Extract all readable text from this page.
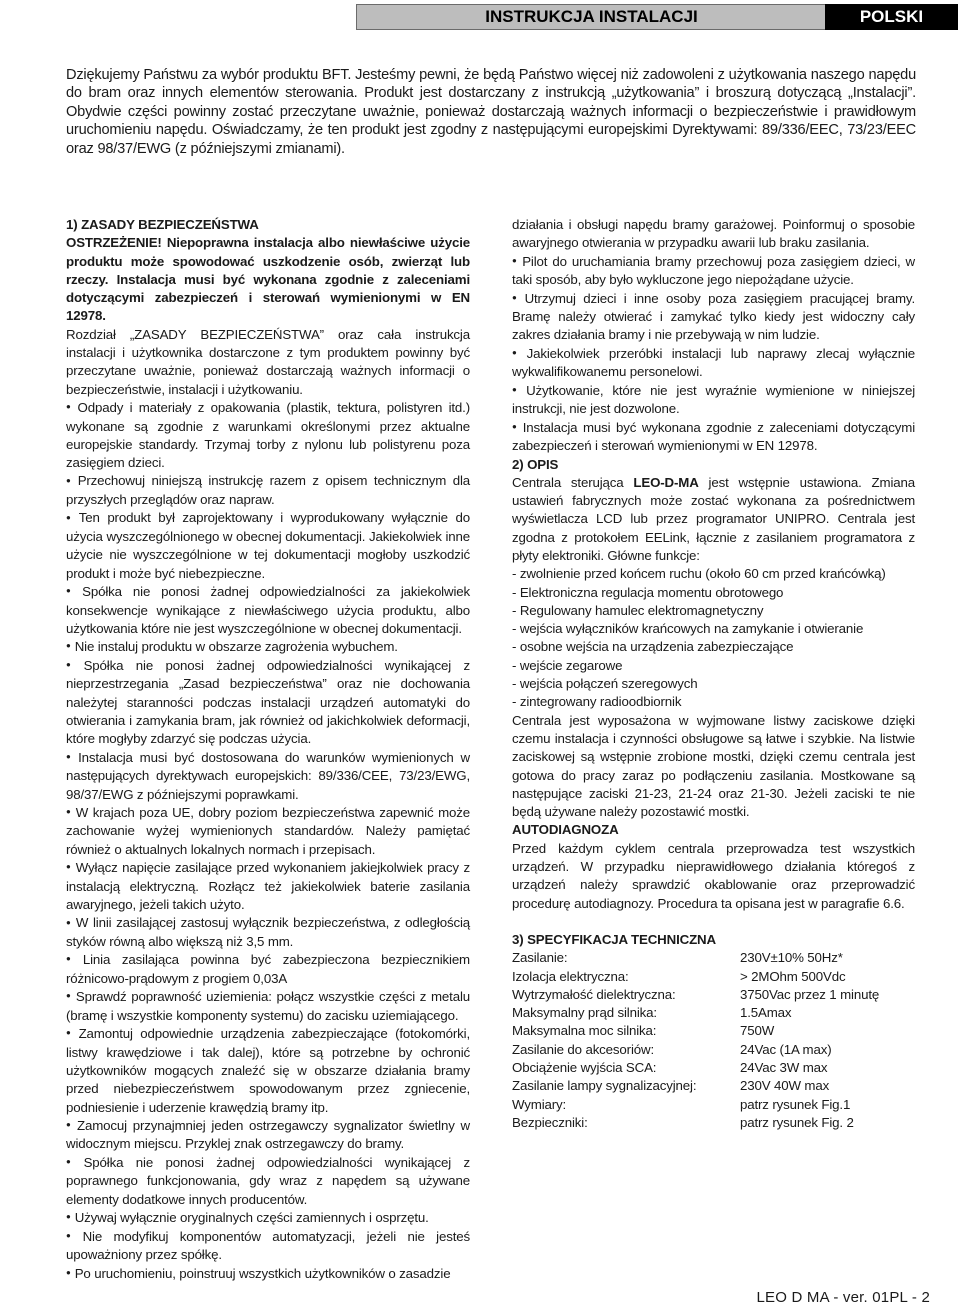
INSTRUKCJA INSTALACJI	POLSKI
Dziękujemy Państwu za wybór produktu BFT. Jesteśmy pewni, że będą Państwo więcej niż zadowoleni z użytkowania naszego napędu do bram oraz innych elementów sterowania. Produkt jest dostarczany z instrukcją „użytkowania” i broszurą dotyczącą „Instalacji”. Obydwie części powinny zostać przeczytane uważnie, ponieważ dostarczają ważnych informacji o bezpieczeństwie i prawidłowym uruchomieniu napędu. Oświadczamy, że ten produkt jest zgodny z następującymi europejskimi Dyrektywami: 89/336/EEC, 73/23/EEC oraz 98/37/EWG (z późniejszymi zmianami).

1) ZASADY BEZPIECZEŃSTWA

OSTRZEŻENIE! Niepoprawna instalacja albo niewłaściwe użycie produktu może spowodować uszkodzenie osób, zwierząt lub rzeczy. Instalacja musi być wykonana zgodnie z zaleceniami dotyczącymi zabezpieczeń i sterowań wymienionymi w EN 12978.

Rozdział „ZASADY BEZPIECZEŃSTWA” oraz cała instrukcja instalacji i użytkownika dostarczone z tym produktem powinny być przeczytane uważnie, ponieważ dostarczają ważnych informacji o bezpieczeństwie, instalacji i użytkowaniu.

● Odpady i materiały z opakowania (plastik, tektura, polistyren itd.) wykonane są zgodnie z warunkami określonymi przez aktualne europejskie standardy. Trzymaj torby z nylonu lub polistyrenu poza zasięgiem dzieci.

● Przechowuj niniejszą instrukcję razem z opisem technicznym dla przyszłych przeglądów oraz napraw.

● Ten produkt był zaprojektowany i wyprodukowany wyłącznie do użycia wyszczególnionego w obecnej dokumentacji. Jakiekolwiek inne użycie nie wyszczególnione w tej dokumentacji mogłoby uszkodzić produkt i może być niebezpieczne.

● Spółka nie ponosi żadnej odpowiedzialności za jakiekolwiek konsekwencje wynikające z niewłaściwego użycia produktu, albo użytkowania które nie jest wyszczególnione w obecnej dokumentacji.

● Nie instaluj produktu w obszarze zagrożenia wybuchem.

● Spółka nie ponosi żadnej odpowiedzialności wynikającej z nieprzestrzegania „Zasad bezpieczeństwa” oraz nie dochowania należytej staranności podczas instalacji urządzeń automatyki do otwierania i zamykania bram, jak również od jakichkolwiek deformacji, które mogłyby zdarzyć się podczas użycia.

● Instalacja musi być dostosowana do warunków wymienionych w następujących dyrektywach europejskich: 89/336/CEE, 73/23/EWG, 98/37/EWG z późniejszymi poprawkami.

● W krajach poza UE, dobry poziom bezpieczeństwa zapewnić może zachowanie wyżej wymienionych standardów. Należy pamiętać również o aktualnych lokalnych normach i przepisach.

● Wyłącz napięcie zasilające przed wykonaniem jakiejkolwiek pracy z instalacją elektryczną. Rozłącz też jakiekolwiek baterie zasilania awaryjnego, jeżeli takich użyto.

● W linii zasilającej zastosuj wyłącznik bezpieczeństwa, z odległością styków równą albo większą niż 3,5 mm.

● Linia zasilająca powinna być zabezpieczona bezpiecznikiem różnicowo-prądowym z progiem 0,03A

● Sprawdź poprawność uziemienia: połącz wszystkie części z metalu (bramę i wszystkie komponenty systemu) do zacisku uziemiającego.

● Zamontuj odpowiednie urządzenia zabezpieczające (fotokomórki, listwy krawędziowe i tak dalej), które są potrzebne by ochronić użytkowników mogących znaleźć się w obszarze działania bramy przed niebezpieczeństwem spowodowanym przez zgniecenie, podniesienie i uderzenie krawędzią bramy itp.

● Zamocuj przynajmniej jeden ostrzegawczy sygnalizator świetlny w widocznym miejscu. Przyklej znak ostrzegawczy do bramy.

● Spółka nie ponosi żadnej odpowiedzialności wynikającej z poprawnego funkcjonowania, gdy wraz z napędem są używane elementy dodatkowe innych producentów.

● Używaj wyłącznie oryginalnych części zamiennych i osprzętu.

● Nie modyfikuj komponentów automatyzacji, jeżeli nie jesteś upoważniony przez spółkę.

● Po uruchomieniu, poinstruuj wszystkich użytkowników o zasadzie

działania i obsługi napędu bramy garażowej. Poinformuj o sposobie awaryjnego otwierania w przypadku awarii lub braku zasilania.

● Pilot do uruchamiania bramy przechowuj poza zasięgiem dzieci, w taki sposób, aby było wykluczone jego niepożądane użycie.

● Utrzymuj dzieci i inne osoby poza zasięgiem pracującej bramy. Bramę należy otwierać i zamykać tylko kiedy jest widoczny cały zakres działania bramy i nie przebywają w nim ludzie.

● Jakiekolwiek przeróbki instalacji lub naprawy zlecaj wyłącznie wykwalifikowanemu personelowi.

● Użytkowanie, które nie jest wyraźnie wymienione w niniejszej instrukcji, nie jest dozwolone.

● Instalacja musi być wykonana zgodnie z zaleceniami dotyczącymi zabezpieczeń i sterowań wymienionymi w EN 12978.

2) OPIS

Centrala sterująca LEO-D-MA jest wstępnie ustawiona. Zmiana ustawień fabrycznych może zostać wykonana za pośrednictwem wyświetlacza LCD lub przez programator UNIPRO. Centrala jest zgodna z protokołem EELink, łącznie z zasilaniem programatora z płyty elektroniki. Główne funkcje:

- zwolnienie przed końcem ruchu (około 60 cm przed krańcówką)

- Elektroniczna regulacja momentu obrotowego

- Regulowany hamulec elektromagnetyczny

- wejścia wyłączników krańcowych na zamykanie i otwieranie

- osobne wejścia na urządzenia zabezpieczające

- wejście zegarowe

- wejścia połączeń szeregowych

- zintegrowany radioodbiornik

Centrala jest wyposażona w wyjmowane listwy zaciskowe dzięki czemu instalacja i czynności obsługowe są łatwe i szybkie. Na listwie zaciskowej są wstępnie zrobione mostki, dzięki czemu centrala jest gotowa do pracy zaraz po podłączeniu zasilania. Mostkowane są następujące zaciski 21-23, 21-24 oraz 21-30. Jeżeli zaciski te nie będą używane należy pozostawić mostki.

AUTODIAGNOZA

Przed każdym cyklem centrala przeprowadza test wszystkich urządzeń. W przypadku nieprawidłowego działania któregoś z urządzeń należy sprawdzić okablowanie oraz przeprowadzić procedurę autodiagnozy. Procedura ta opisana jest w paragrafie 6.6.

3) SPECYFIKACJA TECHNICZNA

Zasilanie:	230V±10% 50Hz*
Izolacja elektryczna:	> 2MOhm 500Vdc
Wytrzymałość dielektryczna:	3750Vac przez 1 minutę
Maksymalny prąd silnika:	1.5Amax
Maksymalna moc silnika:	750W
Zasilanie do akcesoriów:	24Vac (1A max)
Obciążenie wyjścia SCA:	24Vac 3W max
Zasilanie lampy sygnalizacyjnej:	230V 40W max
Wymiary:	patrz rysunek Fig.1
Bezpieczniki:	patrz rysunek Fig. 2
LEO D MA - ver. 01PL - 2
